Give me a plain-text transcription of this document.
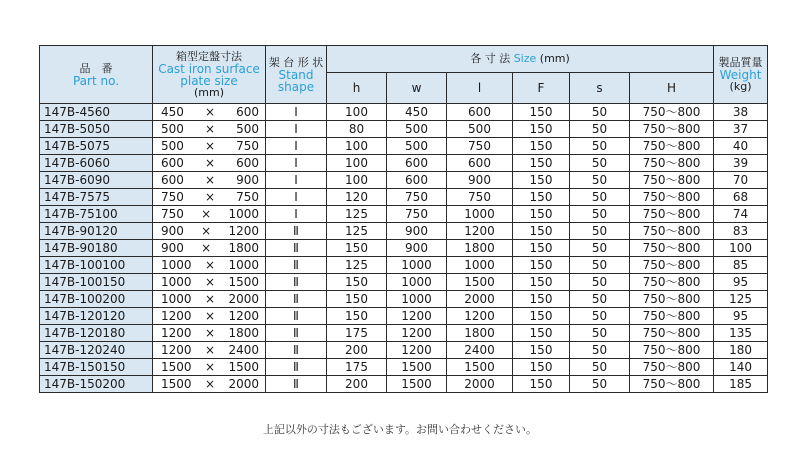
品　番
Part no.	箱型定盤寸法
Cast iron surface plate size
(mm)	架 台 形 状
Stand shape	各 寸 法 Size (mm)						製品質量
Weight
(kg)

			h	w	l	F	s	H	
147B-4560	450 × 600	Ⅰ	100	450	600	150	50	750～800	38
147B-5050	500 × 500	Ⅰ	80	500	500	150	50	750～800	37
147B-5075	500 × 750	Ⅰ	100	500	750	150	50	750～800	40
147B-6060	600 × 600	Ⅰ	100	600	600	150	50	750～800	39
147B-6090	600 × 900	Ⅰ	100	600	900	150	50	750～800	70
147B-7575	750 × 750	Ⅰ	120	750	750	150	50	750～800	68
147B-75100	750 × 1000	Ⅰ	125	750	1000	150	50	750～800	74
147B-90120	900 × 1200	Ⅱ	125	900	1200	150	50	750～800	83
147B-90180	900 × 1800	Ⅱ	150	900	1800	150	50	750～800	100
147B-100100	1000 × 1000	Ⅱ	125	1000	1000	150	50	750～800	85
147B-100150	1000 × 1500	Ⅱ	150	1000	1500	150	50	750～800	95
147B-100200	1000 × 2000	Ⅱ	150	1000	2000	150	50	750～800	125
147B-120120	1200 × 1200	Ⅱ	150	1200	1200	150	50	750～800	95
147B-120180	1200 × 1800	Ⅱ	175	1200	1800	150	50	750～800	135
147B-120240	1200 × 2400	Ⅱ	200	1200	2400	150	50	750～800	180
147B-150150	1500 × 1500	Ⅱ	175	1500	1500	150	50	750～800	140
147B-150200	1500 × 2000	Ⅱ	200	1500	2000	150	50	750～800	185
上記以外の寸法もございます。お問い合わせください。
